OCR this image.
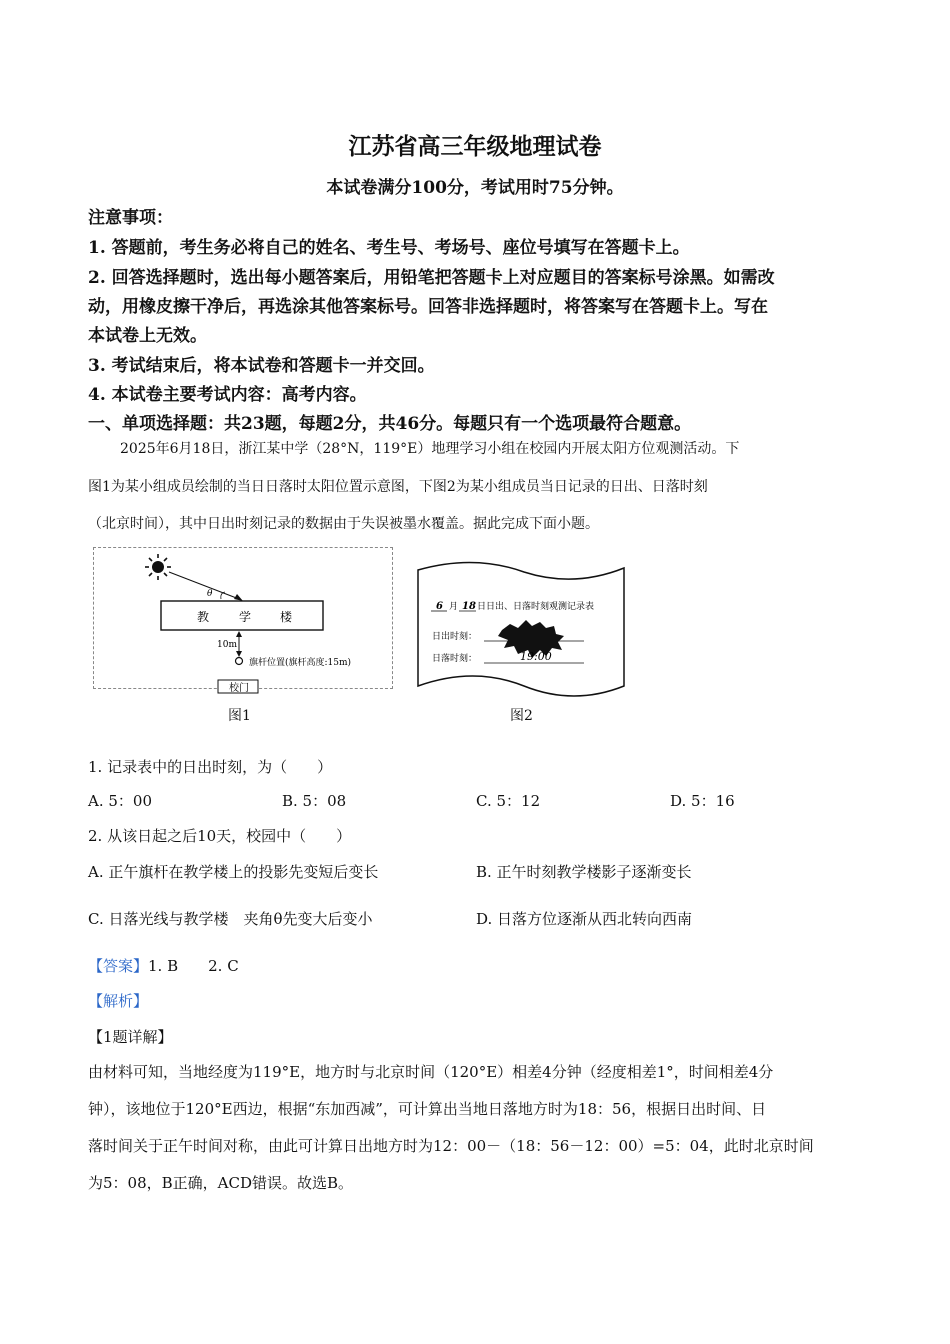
江苏省高三年级地理试卷
本试卷满分100分，考试用时75分钟。
注意事项：
1. 答题前，考生务必将自己的姓名、考生号、考场号、座位号填写在答题卡上。
2. 回答选择题时，选出每小题答案后，用铅笔把答题卡上对应题目的答案标号涂黑。如需改
动，用橡皮擦干净后，再选涂其他答案标号。回答非选择题时，将答案写在答题卡上。写在
本试卷上无效。
3. 考试结束后，将本试卷和答题卡一并交回。
4. 本试卷主要考试内容：高考内容。
一、单项选择题：共23题，每题2分，共46分。每题只有一个选项最符合题意。
2025年6月18日，浙江某中学（28°N，119°E）地理学习小组在校园内开展太阳方位观测活动。下
图1为某小组成员绘制的当日日落时太阳位置示意图，下图2为某小组成员当日记录的日出、日落时刻
（北京时间），其中日出时刻记录的数据由于失误被墨水覆盖。据此完成下面小题。
θ
教 学 楼
10m
旗杆位置(旗杆高度:15m)
校门
图1
6 月 18 日日出、日落时刻观测记录表
日出时刻：
日落时刻：	19:00
图2
1. 记录表中的日出时刻，为（　　）
A. 5：00	B. 5：08	C. 5：12	D. 5：16
2. 从该日起之后10天，校园中（　　）
A. 正午旗杆在教学楼上的投影先变短后变长	B. 正午时刻教学楼影子逐渐变长
C. 日落光线与教学楼　夹角θ先变大后变小	D. 日落方位逐渐从西北转向西南
【答案】1. B　　2. C
【解析】
【1题详解】
由材料可知，当地经度为119°E，地方时与北京时间（120°E）相差4分钟（经度相差1°，时间相差4分
钟），该地位于120°E西边，根据“东加西减”，可计算出当地日落地方时为18：56，根据日出时间、日
落时间关于正午时间对称，由此可计算日出地方时为12：00－（18：56－12：00）=5：04，此时北京时间
为5：08，B正确，ACD错误。故选B。
